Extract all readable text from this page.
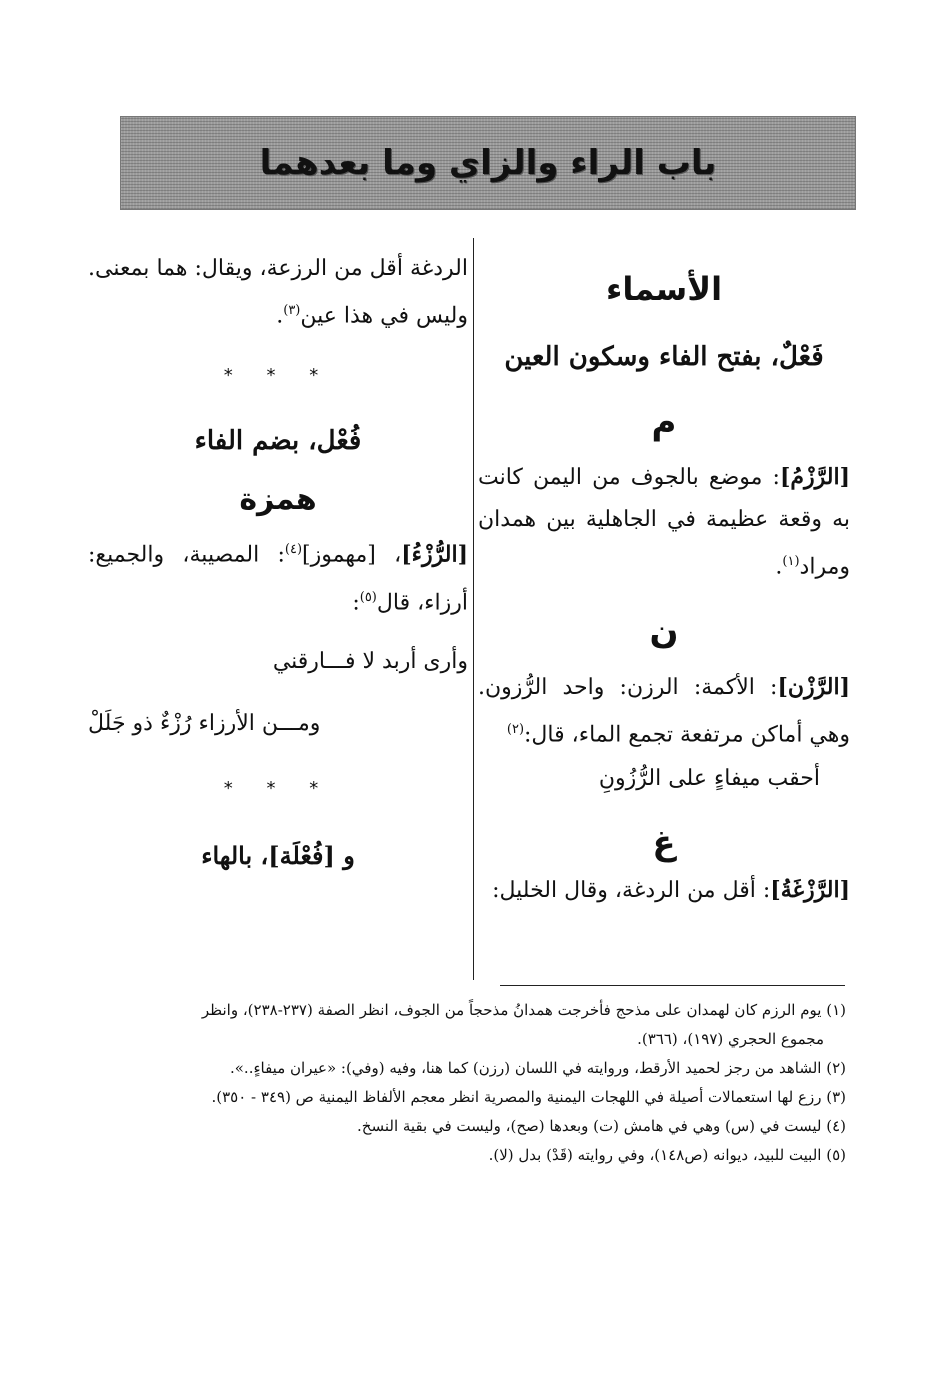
باب الراء والزاي وما بعدهما

الأسماء

فَعْلٌ، بفتح الفاء وسكون العين

م

[الرَّزْمُ]: موضع بالجوف من اليمن كانت به وقعة عظيمة في الجاهلية بين همدان ومراد$^{(١)}$.

ن

[الرَّزْن]: الأكمة: الرزن: واحد الرُّزون. وهي أماكن مرتفعة تجمع الماء، قال:$^{(٢)}$

أحقب ميفاءٍ على الرُّزُونِ

غ

[الرَّزْغَةُ]: أقل من الردغة، وقال الخليل:

الردغة أقل من الرزعة، ويقال: هما بمعنى. وليس في هذا عين$^{(٣)}$.

* * *

فُعْل، بضم الفاء

همزة

[الرُّزْءُ]، [مهموز]$^{(٤)}$: المصيبة، والجميع: أرزاء، قال$^{(٥)}$:

وأرى أربد لا فـــارقني

ومـــن الأرزاء رُزْءٌ ذو جَلَلْ

* * *

و [فُعْلَة]، بالهاء

(١) يوم الرزم كان لهمدان على مذحج فأخرجت همدانُ مذحجاً من الجوف، انظر الصفة (٢٣٧-٢٣٨)، وانظر

مجموع الحجري (١٩٧)، (٣٦٦).

(٢) الشاهد من رجز لحميد الأرقط، وروايته في اللسان (رزن) كما هنا، وفيه (وفي): «عيران ميفاءٍ..».

(٣) رزع لها استعمالات أصيلة في اللهجات اليمنية والمصرية انظر معجم الألفاظ اليمنية ص (٣٤٩ - ٣٥٠).

(٤) ليست في (س) وهي في هامش (ت) وبعدها (صح)، وليست في بقية النسخ.

(٥) البيت للبيد، ديوانه (ص١٤٨)، وفي روايته (قَدْ) بدل (لا).
